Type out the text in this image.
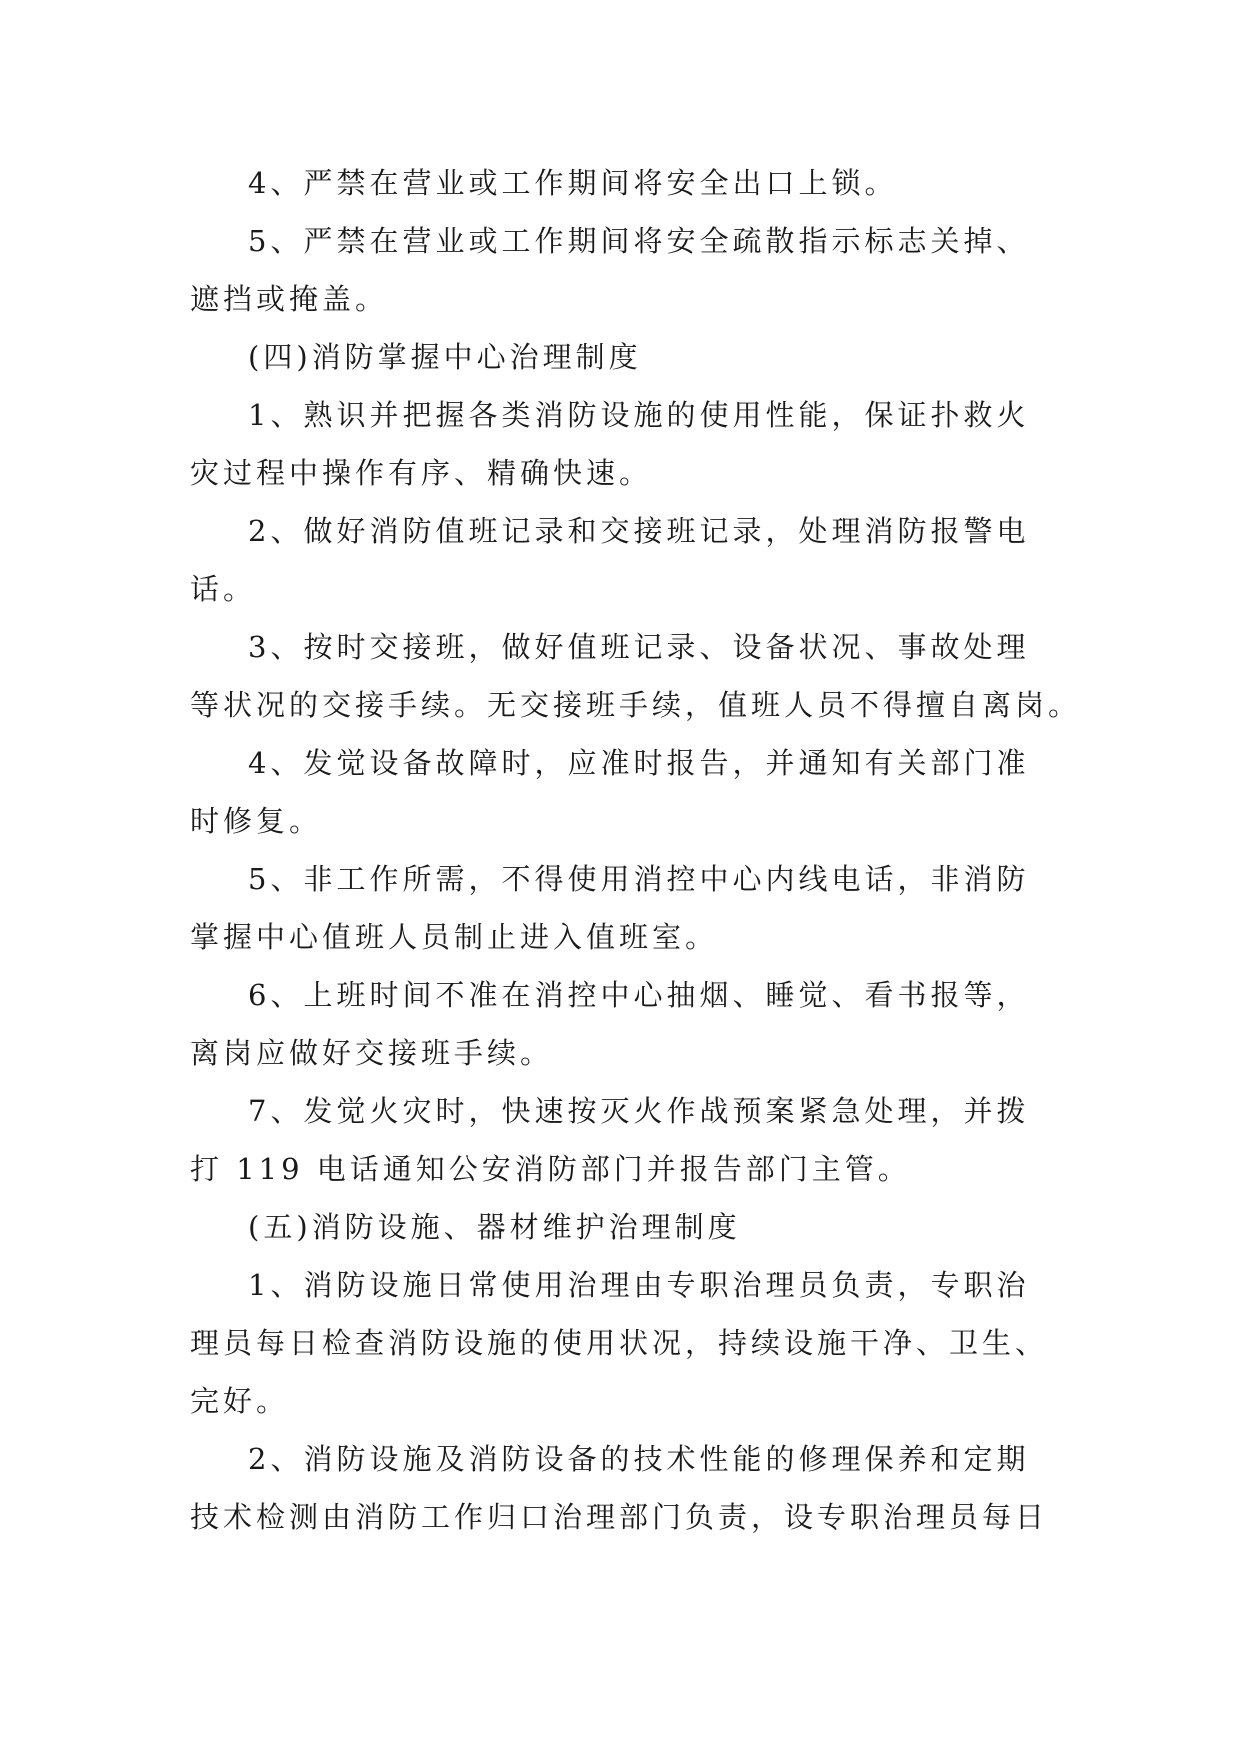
4、严禁在营业或工作期间将安全出口上锁。
5、严禁在营业或工作期间将安全疏散指示标志关掉、
遮挡或掩盖。
(四)消防掌握中心治理制度
1、熟识并把握各类消防设施的使用性能，保证扑救火
灾过程中操作有序、精确快速。
2、做好消防值班记录和交接班记录，处理消防报警电
话。
3、按时交接班，做好值班记录、设备状况、事故处理
等状况的交接手续。无交接班手续，值班人员不得擅自离岗。
4、发觉设备故障时，应准时报告，并通知有关部门准
时修复。
5、非工作所需，不得使用消控中心内线电话，非消防
掌握中心值班人员制止进入值班室。
6、上班时间不准在消控中心抽烟、睡觉、看书报等，
离岗应做好交接班手续。
7、发觉火灾时，快速按灭火作战预案紧急处理，并拨
打 119 电话通知公安消防部门并报告部门主管。
(五)消防设施、器材维护治理制度
1、消防设施日常使用治理由专职治理员负责，专职治
理员每日检查消防设施的使用状况，持续设施干净、卫生、
完好。
2、消防设施及消防设备的技术性能的修理保养和定期
技术检测由消防工作归口治理部门负责，设专职治理员每日
